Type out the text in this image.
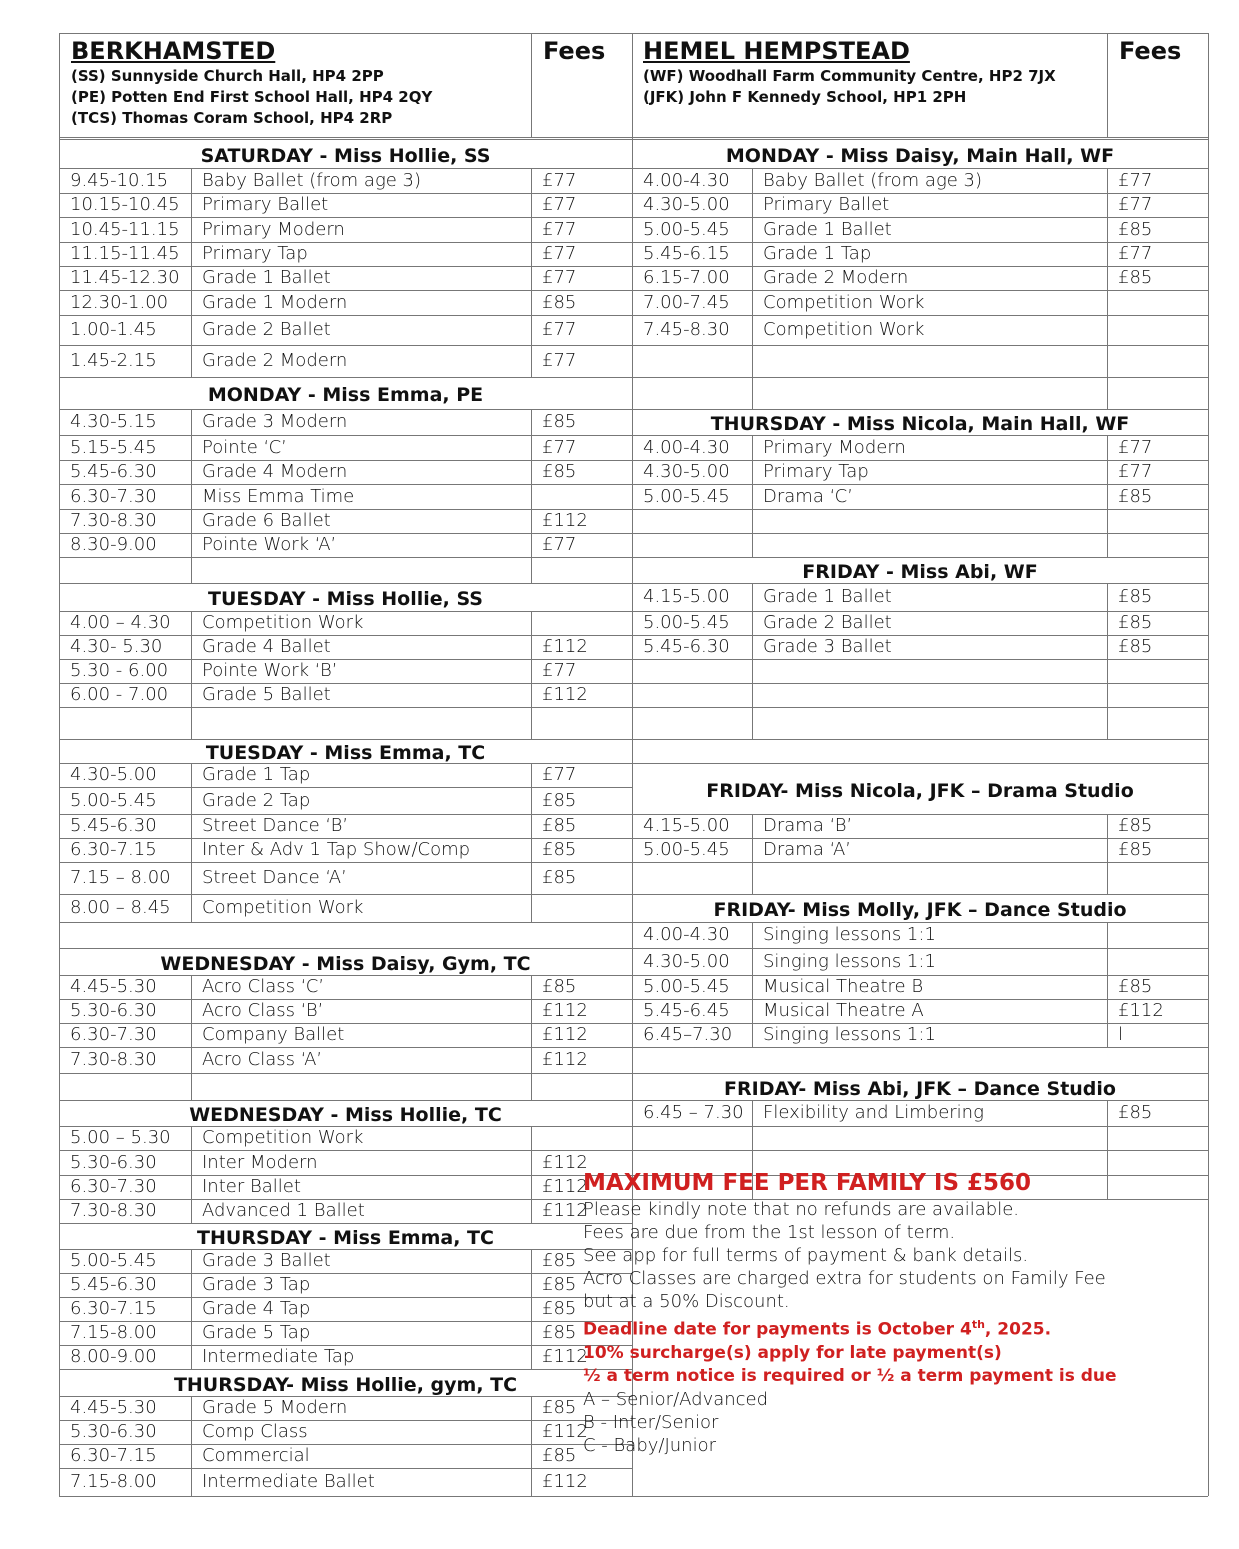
BERKHAMSTED	HEMEL HEMPSTEAD
Fees	Fees
(SS) Sunnyside Church Hall, HP4 2PP
(PE) Potten End First School Hall, HP4 2QY
(TCS) Thomas Coram School, HP4 2RP
(WF) Woodhall Farm Community Centre, HP2 7JX
(JFK) John F Kennedy School, HP1 2PH
SATURDAY - Miss Hollie, SS
9.45-10.15 Baby Ballet (from age 3)	£77
10.15-10.45 Primary Ballet	£77
10.45-11.15 Primary Modern	£77
11.15-11.45 Primary Tap	£77
11.45-12.30 Grade 1 Ballet	£77
12.30-1.00 Grade 1 Modern	£85
1.00-1.45	Grade 2 Ballet	£77
1.45-2.15	Grade 2 Modern	£77
MONDAY - Miss Emma, PE
4.30-5.15	Grade 3 Modern	£85
5.15-5.45	Pointe ‘C’	£77
5.45-6.30	Grade 4 Modern	£85
6.30-7.30	Miss Emma Time
7.30-8.30	Grade 6 Ballet	£112
8.30-9.00	Pointe Work ‘A’	£77
TUESDAY - Miss Hollie, SS
4.00 – 4.30 Competition Work
4.30- 5.30 Grade 4 Ballet	£112
5.30 - 6.00 Pointe Work ‘B’	£77
6.00 - 7.00 Grade 5 Ballet	£112
TUESDAY - Miss Emma, TC
4.30-5.00	Grade 1 Tap	£77
5.00-5.45	Grade 2 Tap	£85
5.45-6.30	Street Dance ‘B’	£85
6.30-7.15	Inter & Adv 1 Tap Show/Comp	£85
7.15 – 8.00 Street Dance ‘A’	£85
8.00 – 8.45 Competition Work
WEDNESDAY - Miss Daisy, Gym, TC
4.45-5.30	Acro Class ‘C’	£85
5.30-6.30	Acro Class ‘B’	£112
6.30-7.30	Company Ballet	£112
7.30-8.30	Acro Class ‘A’	£112
WEDNESDAY - Miss Hollie, TC
5.00 – 5.30 Competition Work
5.30-6.30	Inter Modern	£112
6.30-7.30	Inter Ballet	£112
7.30-8.30	Advanced 1 Ballet	£112
THURSDAY - Miss Emma, TC
5.00-5.45	Grade 3 Ballet	£85
5.45-6.30	Grade 3 Tap	£85
6.30-7.15	Grade 4 Tap	£85
7.15-8.00	Grade 5 Tap	£85
8.00-9.00	Intermediate Tap	£112
THURSDAY- Miss Hollie, gym, TC
4.45-5.30	Grade 5 Modern	£85
5.30-6.30	Comp Class	£112
6.30-7.15	Commercial	£85
7.15-8.00	Intermediate Ballet	£112
MONDAY - Miss Daisy, Main Hall, WF
4.00-4.30 Baby Ballet (from age 3)	£77
4.30-5.00 Primary Ballet	£77
5.00-5.45 Grade 1 Ballet	£85
5.45-6.15 Grade 1 Tap	£77
6.15-7.00 Grade 2 Modern	£85
7.00-7.45 Competition Work
7.45-8.30 Competition Work
THURSDAY - Miss Nicola, Main Hall, WF
4.00-4.30 Primary Modern	£77
4.30-5.00 Primary Tap	£77
5.00-5.45 Drama ‘C’	£85
FRIDAY - Miss Abi, WF
4.15-5.00 Grade 1 Ballet	£85
5.00-5.45 Grade 2 Ballet	£85
5.45-6.30 Grade 3 Ballet	£85
FRIDAY- Miss Nicola, JFK – Drama Studio
4.15-5.00 Drama ‘B’	£85
5.00-5.45 Drama ‘A’	£85
FRIDAY- Miss Molly, JFK – Dance Studio
4.00-4.30 Singing lessons 1:1
4.30-5.00 Singing lessons 1:1
5.00-5.45 Musical Theatre B	£85
5.45-6.45 Musical Theatre A	£112
6.45–7.30 Singing lessons 1:1	l
FRIDAY- Miss Abi, JFK – Dance Studio
6.45 – 7.30 Flexibility and Limbering	£85
MAXIMUM FEE PER FAMILY IS £560
Please kindly note that no refunds are available.
Fees are due from the 1st lesson of term.
See app for full terms of payment & bank details.
Acro Classes are charged extra for students on Family Fee
but at a 50% Discount.
Deadline date for payments is October 4th, 2025.
10% surcharge(s) apply for late payment(s)
½ a term notice is required or ½ a term payment is due
A – Senior/Advanced
B - Inter/Senior
C - Baby/Junior
